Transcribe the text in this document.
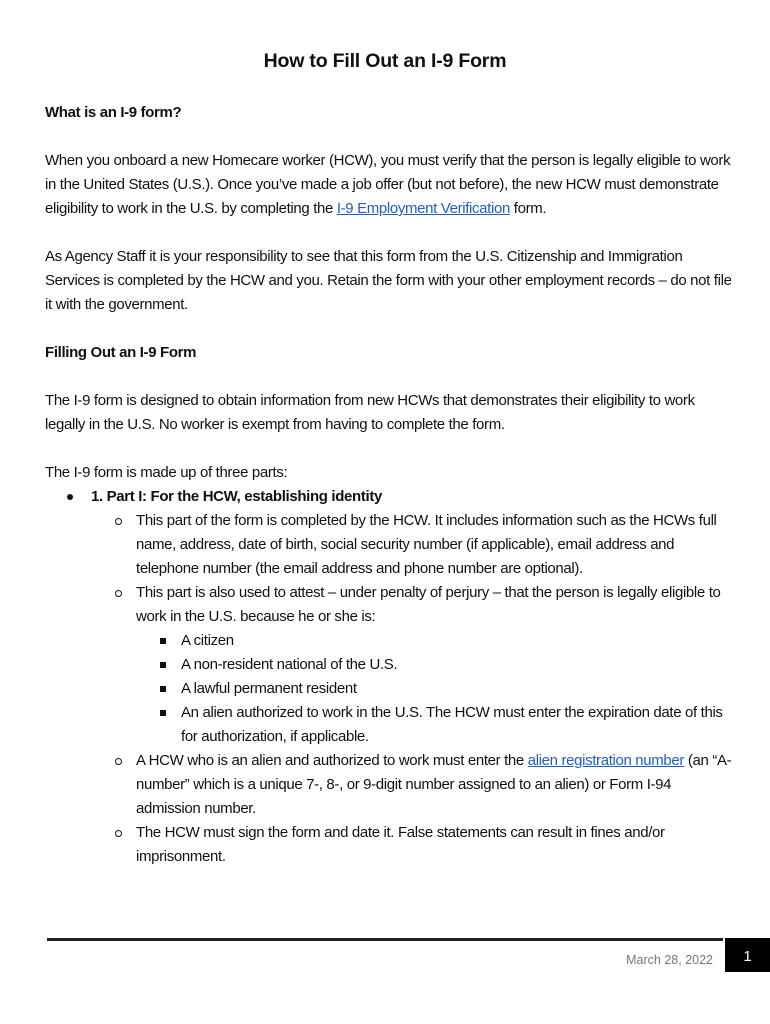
How to Fill Out an I-9 Form

What is an I-9 form?

When you onboard a new Homecare worker (HCW), you must verify that the person is legally eligible to work in the United States (U.S.). Once you’ve made a job offer (but not before), the new HCW must demonstrate eligibility to work in the U.S. by completing the I-9 Employment Verification form.

As Agency Staff it is your responsibility to see that this form from the U.S. Citizenship and Immigration Services is completed by the HCW and you. Retain the form with your other employment records – do not file it with the government.

Filling Out an I-9 Form

The I-9 form is designed to obtain information from new HCWs that demonstrates their eligibility to work legally in the U.S. No worker is exempt from having to complete the form.

The I-9 form is made up of three parts:

1. Part I: For the HCW, establishing identity
This part of the form is completed by the HCW. It includes information such as the HCWs full name, address, date of birth, social security number (if applicable), email address and telephone number (the email address and phone number are optional).
This part is also used to attest – under penalty of perjury – that the person is legally eligible to work in the U.S. because he or she is:
A citizen
A non-resident national of the U.S.
A lawful permanent resident
An alien authorized to work in the U.S. The HCW must enter the expiration date of this for authorization, if applicable.
A HCW who is an alien and authorized to work must enter the alien registration number (an “A-number” which is a unique 7-, 8-, or 9-digit number assigned to an alien) or Form I-94 admission number.
The HCW must sign the form and date it. False statements can result in fines and/or imprisonment.
March 28, 2022	1
